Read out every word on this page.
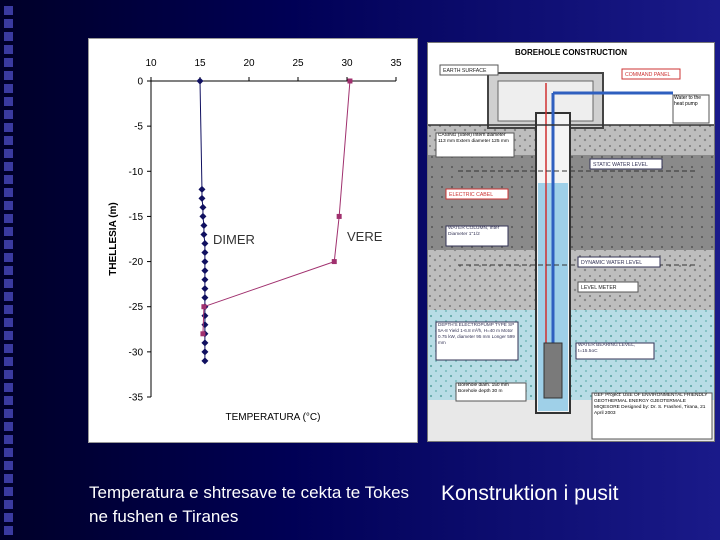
10	15	20	25	30	35
0
-5
-10
-15
-20
-25
-30
-35
THELLESIA (m)
TEMPERATURA (°C)
DIMER	VERE
BOREHOLE CONSTRUCTION
EARTH SURFACE
COMMAND PANEL
Water to the heat pump
CASING (Steel) Intern diameter 113 mm Extern diameter 125 mm
STATIC WATER LEVEL
ELECTRIC CABEL
WATER COLUMN, Inter Diameter 1"1/2
DYNAMIC WATER LEVEL
LEVEL METER
DEPTH'S ELECTROPUMP TYPE SP 5A-8 Yield 1-6.8 m³/h, H=40 m Motor 0.75 kW, diameter 95 mm Longer 599 mm
WATER BEARING LEVEL, t=15.5oC
Borehole diam. 150 mm Borehole depth 30 m
GEF Project: USE OF ENVIRONMENTAL FRIENDLY GEOTHERMAL ENERGY GJEOTERMALE MIQESORE Designed by: Dr. S. Frasheri, Tirana, 21 April 2003
Temperatura e shtresave te cekta te Tokes ne fushen e Tiranes
Konstruktion i pusit
